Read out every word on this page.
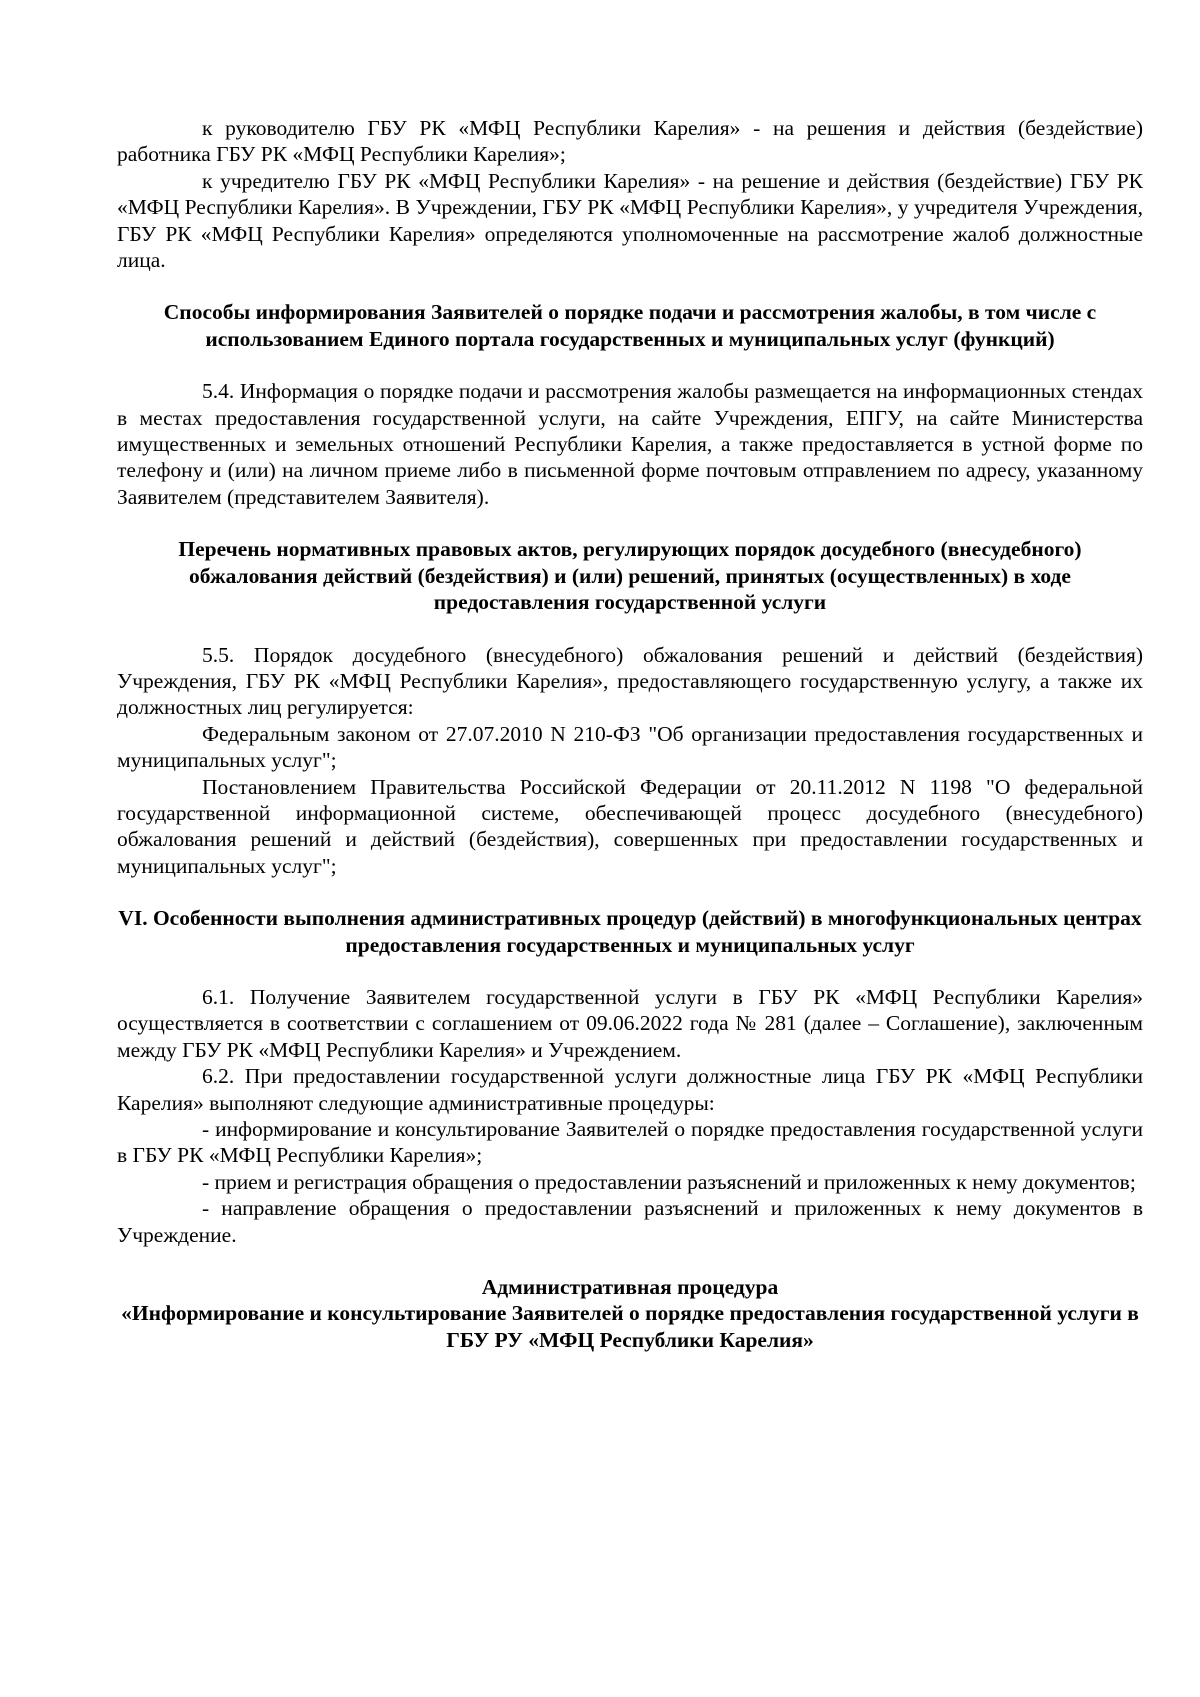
к руководителю ГБУ РК «МФЦ Республики Карелия» - на решения и действия (бездействие) работника ГБУ РК «МФЦ Республики Карелия»;

к учредителю ГБУ РК «МФЦ Республики Карелия» - на решение и действия (бездействие) ГБУ РК «МФЦ Республики Карелия». В Учреждении, ГБУ РК «МФЦ Республики Карелия», у учредителя Учреждения, ГБУ РК «МФЦ Республики Карелия» определяются уполномоченные на рассмотрение жалоб должностные лица.

Способы информирования Заявителей о порядке подачи и рассмотрения жалобы, в том числе с использованием Единого портала государственных и муниципальных услуг (функций)

5.4. Информация о порядке подачи и рассмотрения жалобы размещается на информационных стендах в местах предоставления государственной услуги, на сайте Учреждения, ЕПГУ, на сайте Министерства имущественных и земельных отношений Республики Карелия, а также предоставляется в устной форме по телефону и (или) на личном приеме либо в письменной форме почтовым отправлением по адресу, указанному Заявителем (представителем Заявителя).

Перечень нормативных правовых актов, регулирующих порядок досудебного (внесудебного) обжалования действий (бездействия) и (или) решений, принятых (осуществленных) в ходе предоставления государственной услуги

5.5. Порядок досудебного (внесудебного) обжалования решений и действий (бездействия) Учреждения, ГБУ РК «МФЦ Республики Карелия», предоставляющего государственную услугу, а также их должностных лиц регулируется:

Федеральным законом от 27.07.2010 N 210-ФЗ "Об организации предоставления государственных и муниципальных услуг";

Постановлением Правительства Российской Федерации от 20.11.2012 N 1198 "О федеральной государственной информационной системе, обеспечивающей процесс досудебного (внесудебного) обжалования решений и действий (бездействия), совершенных при предоставлении государственных и муниципальных услуг";

VI. Особенности выполнения административных процедур (действий) в многофункциональных центрах предоставления государственных и муниципальных услуг

6.1. Получение Заявителем государственной услуги в ГБУ РК «МФЦ Республики Карелия» осуществляется в соответствии с соглашением от 09.06.2022 года № 281 (далее – Соглашение), заключенным между ГБУ РК «МФЦ Республики Карелия» и Учреждением.

6.2. При предоставлении государственной услуги должностные лица ГБУ РК «МФЦ Республики Карелия» выполняют следующие административные процедуры:

- информирование и консультирование Заявителей о порядке предоставления государственной услуги в ГБУ РК «МФЦ Республики Карелия»;

- прием и регистрация обращения о предоставлении разъяснений и приложенных к нему документов;

- направление обращения о предоставлении разъяснений и приложенных к нему документов в Учреждение.

Административная процедура

«Информирование и консультирование Заявителей о порядке предоставления государственной услуги в ГБУ РУ «МФЦ Республики Карелия»
